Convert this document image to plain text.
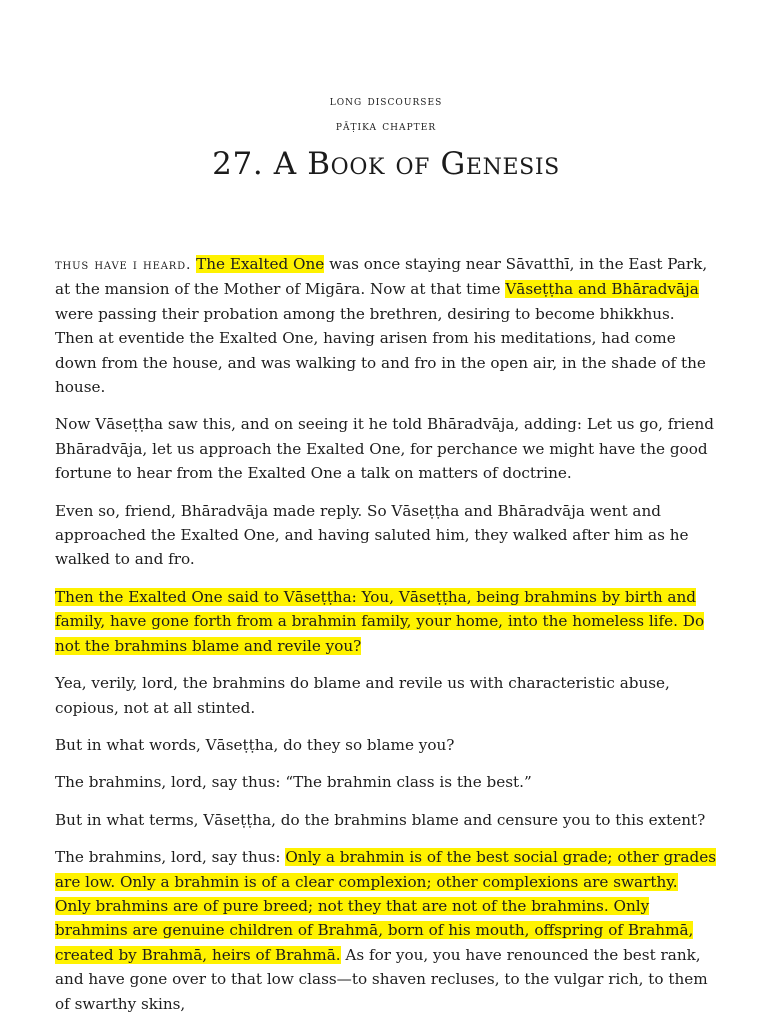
long discourses
pāṭika chapter
27. A Book of Genesis

thus have i heard. The Exalted One was once staying near Sāvatthī, in the East Park, at the mansion of the Mother of Migāra. Now at that time Vāseṭṭha and Bhāradvāja were passing their probation among the brethren, desiring to become bhikkhus. Then at eventide the Exalted One, having arisen from his meditations, had come down from the house, and was walking to and fro in the open air, in the shade of the house.

Now Vāseṭṭha saw this, and on seeing it he told Bhāradvāja, adding: Let us go, friend Bhāradvāja, let us approach the Exalted One, for perchance we might have the good fortune to hear from the Exalted One a talk on matters of doctrine.

Even so, friend, Bhāradvāja made reply. So Vāseṭṭha and Bhāradvāja went and approached the Exalted One, and having saluted him, they walked after him as he walked to and fro.

Then the Exalted One said to Vāseṭṭha: You, Vāseṭṭha, being brahmins by birth and family, have gone forth from a brahmin family, your home, into the homeless life. Do not the brahmins blame and revile you?

Yea, verily, lord, the brahmins do blame and revile us with characteristic abuse, copious, not at all stinted.

But in what words, Vāseṭṭha, do they so blame you?

The brahmins, lord, say thus: “The brahmin class is the best.”

But in what terms, Vāseṭṭha, do the brahmins blame and censure you to this extent?

The brahmins, lord, say thus: Only a brahmin is of the best social grade; other grades are low. Only a brahmin is of a clear complexion; other complexions are swarthy. Only brahmins are of pure breed; not they that are not of the brahmins. Only brahmins are genuine children of Brahmā, born of his mouth, offspring of Brahmā, created by Brahmā, heirs of Brahmā. As for you, you have renounced the best rank, and have gone over to that low class—to shaven recluses, to the vulgar rich, to them of swarthy skins,
